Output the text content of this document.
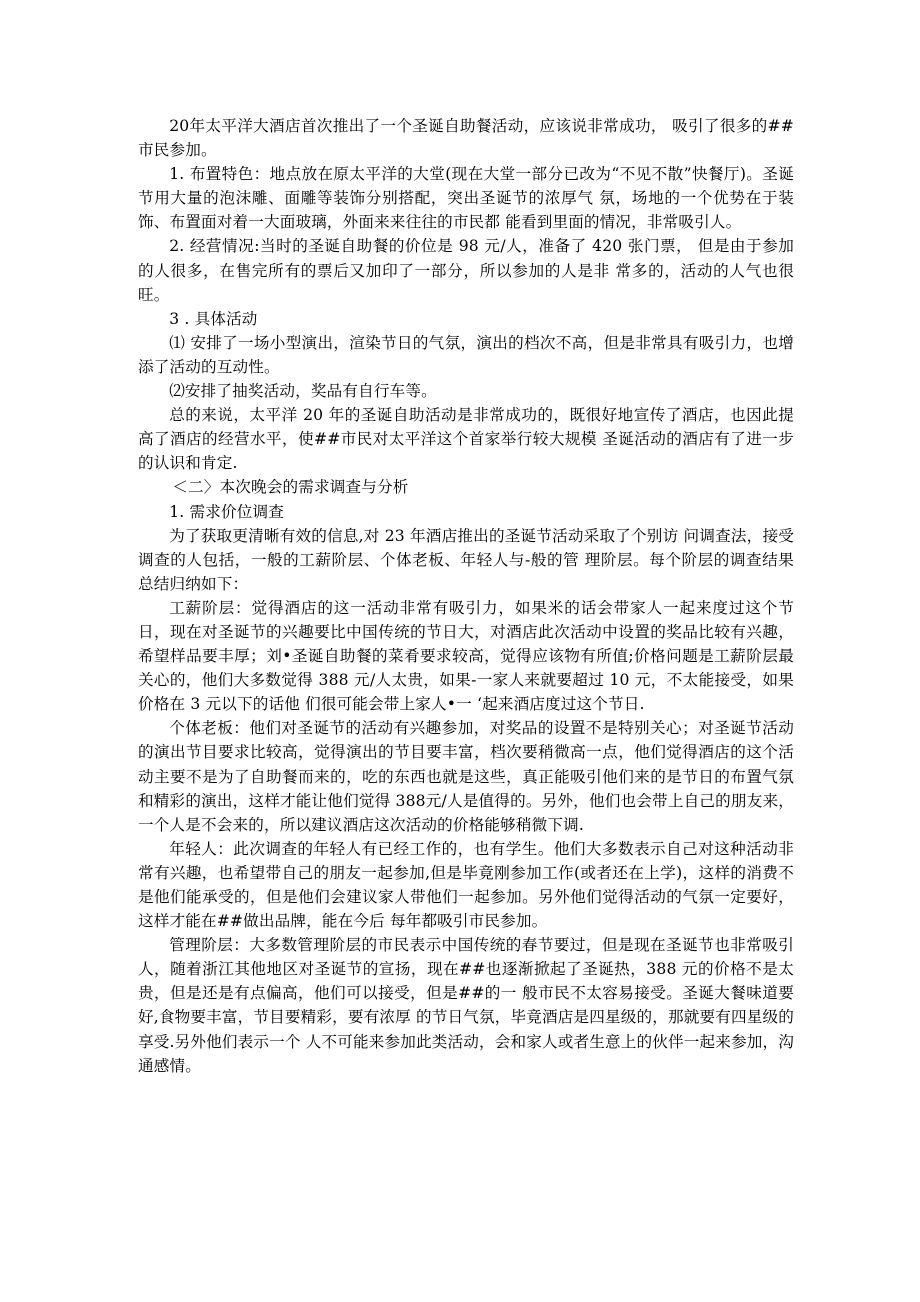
20年太平洋大酒店首次推出了一个圣诞自助餐活动，应该说非常成功， 吸引了很多的##市民参加。

1. 布置特色：地点放在原太平洋的大堂(现在大堂一部分已改为“不见不散”快餐厅)。圣诞节用大量的泡沫雕、面雕等装饰分别搭配，突出圣诞节的浓厚气 氛，场地的一个优势在于装饰、布置面对着一大面玻璃，外面来来往往的市民都 能看到里面的情况，非常吸引人。

2. 经营情况:当时的圣诞自助餐的价位是 98 元/人，准备了 420 张门票， 但是由于参加的人很多，在售完所有的票后又加印了一部分，所以参加的人是非 常多的，活动的人气也很旺。

3 . 具体活动

⑴ 安排了一场小型演出，渲染节日的气氛，演出的档次不高，但是非常具有吸引力，也增添了活动的互动性。

⑵安排了抽奖活动，奖品有自行车等。

总的来说，太平洋 20 年的圣诞自助活动是非常成功的，既很好地宣传了酒店，也因此提高了酒店的经营水平，使##市民对太平洋这个首家举行较大规模 圣诞活动的酒店有了进一步的认识和肯定.

＜二〉本次晚会的需求调查与分析

1. 需求价位调查

为了获取更清晰有效的信息,对 23 年酒店推出的圣诞节活动采取了个别访 问调查法，接受调查的人包括，一般的工薪阶层、个体老板、年轻人与-般的管 理阶层。每个阶层的调查结果总结归纳如下：

工薪阶层：觉得酒店的这一活动非常有吸引力，如果米的话会带家人一起来度过这个节日，现在对圣诞节的兴趣要比中国传统的节日大，对酒店此次活动中设置的奖品比较有兴趣，希望样品要丰厚；刘•圣诞自助餐的菜肴要求较高，觉得应该物有所值;价格问题是工薪阶层最关心的，他们大多数觉得 388 元/人太贵，如果-一家人来就要超过 10 元，不太能接受，如果价格在 3 元以下的话他 们很可能会带上家人•一 ‘起来酒店度过这个节日.

个体老板：他们对圣诞节的活动有兴趣参加，对奖品的设置不是特别关心；对圣诞节活动的演出节目要求比较高，觉得演出的节目要丰富，档次要稍微高一点，他们觉得酒店的这个活动主要不是为了自助餐而来的，吃的东西也就是这些，真正能吸引他们来的是节日的布置气氛和精彩的演出，这样才能让他们觉得 388元/人是值得的。另外，他们也会带上自己的朋友来，一个人是不会来的，所以建议酒店这次活动的价格能够稍微下调.

年轻人：此次调查的年轻人有已经工作的，也有学生。他们大多数表示自己对这种活动非常有兴趣，也希望带自己的朋友一起参加,但是毕竟刚参加工作(或者还在上学)，这样的消费不是他们能承受的，但是他们会建议家人带他们一起参加。另外他们觉得活动的气氛一定要好，这样才能在##做出品牌，能在今后 每年都吸引市民参加。

管理阶层：大多数管理阶层的市民表示中国传统的春节要过，但是现在圣诞节也非常吸引人，随着浙江其他地区对圣诞节的宣扬，现在##也逐渐掀起了圣诞热，388 元的价格不是太贵，但是还是有点偏高，他们可以接受，但是##的一 般市民不太容易接受。圣诞大餐味道要好,食物要丰富，节目要精彩，要有浓厚 的节日气氛，毕竟酒店是四星级的，那就要有四星级的享受.另外他们表示一个 人不可能来参加此类活动，会和家人或者生意上的伙伴一起来参加，沟通感情。
